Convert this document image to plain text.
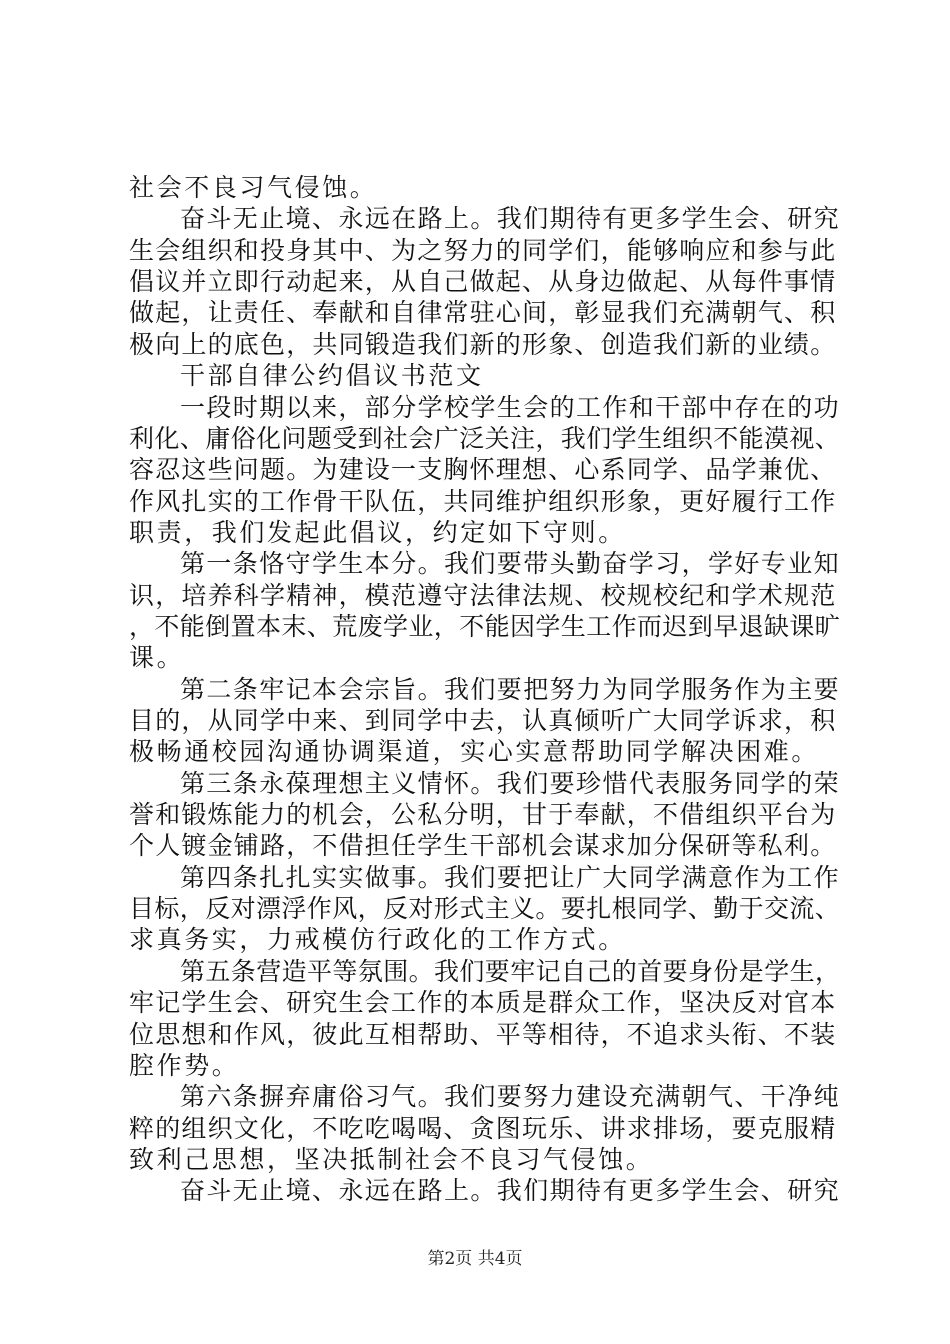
社会不良习气侵蚀。
奋斗无止境、永远在路上。我们期待有更多学生会、研究
生会组织和投身其中、为之努力的同学们，能够响应和参与此
倡议并立即行动起来，从自己做起、从身边做起、从每件事情
做起，让责任、奉献和自律常驻心间，彰显我们充满朝气、积
极向上的底色，共同锻造我们新的形象、创造我们新的业绩。
干部自律公约倡议书范文
一段时期以来，部分学校学生会的工作和干部中存在的功
利化、庸俗化问题受到社会广泛关注，我们学生组织不能漠视、
容忍这些问题。为建设一支胸怀理想、心系同学、品学兼优、
作风扎实的工作骨干队伍，共同维护组织形象，更好履行工作
职责，我们发起此倡议，约定如下守则。
第一条恪守学生本分。我们要带头勤奋学习，学好专业知
识，培养科学精神，模范遵守法律法规、校规校纪和学术规范
，不能倒置本末、荒废学业，不能因学生工作而迟到早退缺课旷
课。
第二条牢记本会宗旨。我们要把努力为同学服务作为主要
目的，从同学中来、到同学中去，认真倾听广大同学诉求，积
极畅通校园沟通协调渠道，实心实意帮助同学解决困难。
第三条永葆理想主义情怀。我们要珍惜代表服务同学的荣
誉和锻炼能力的机会，公私分明，甘于奉献，不借组织平台为
个人镀金铺路，不借担任学生干部机会谋求加分保研等私利。
第四条扎扎实实做事。我们要把让广大同学满意作为工作
目标，反对漂浮作风，反对形式主义。要扎根同学、勤于交流、
求真务实，力戒模仿行政化的工作方式。
第五条营造平等氛围。我们要牢记自己的首要身份是学生，
牢记学生会、研究生会工作的本质是群众工作，坚决反对官本
位思想和作风，彼此互相帮助、平等相待，不追求头衔、不装
腔作势。
第六条摒弃庸俗习气。我们要努力建设充满朝气、干净纯
粹的组织文化，不吃吃喝喝、贪图玩乐、讲求排场，要克服精
致利己思想，坚决抵制社会不良习气侵蚀。
奋斗无止境、永远在路上。我们期待有更多学生会、研究
第2页 共4页
